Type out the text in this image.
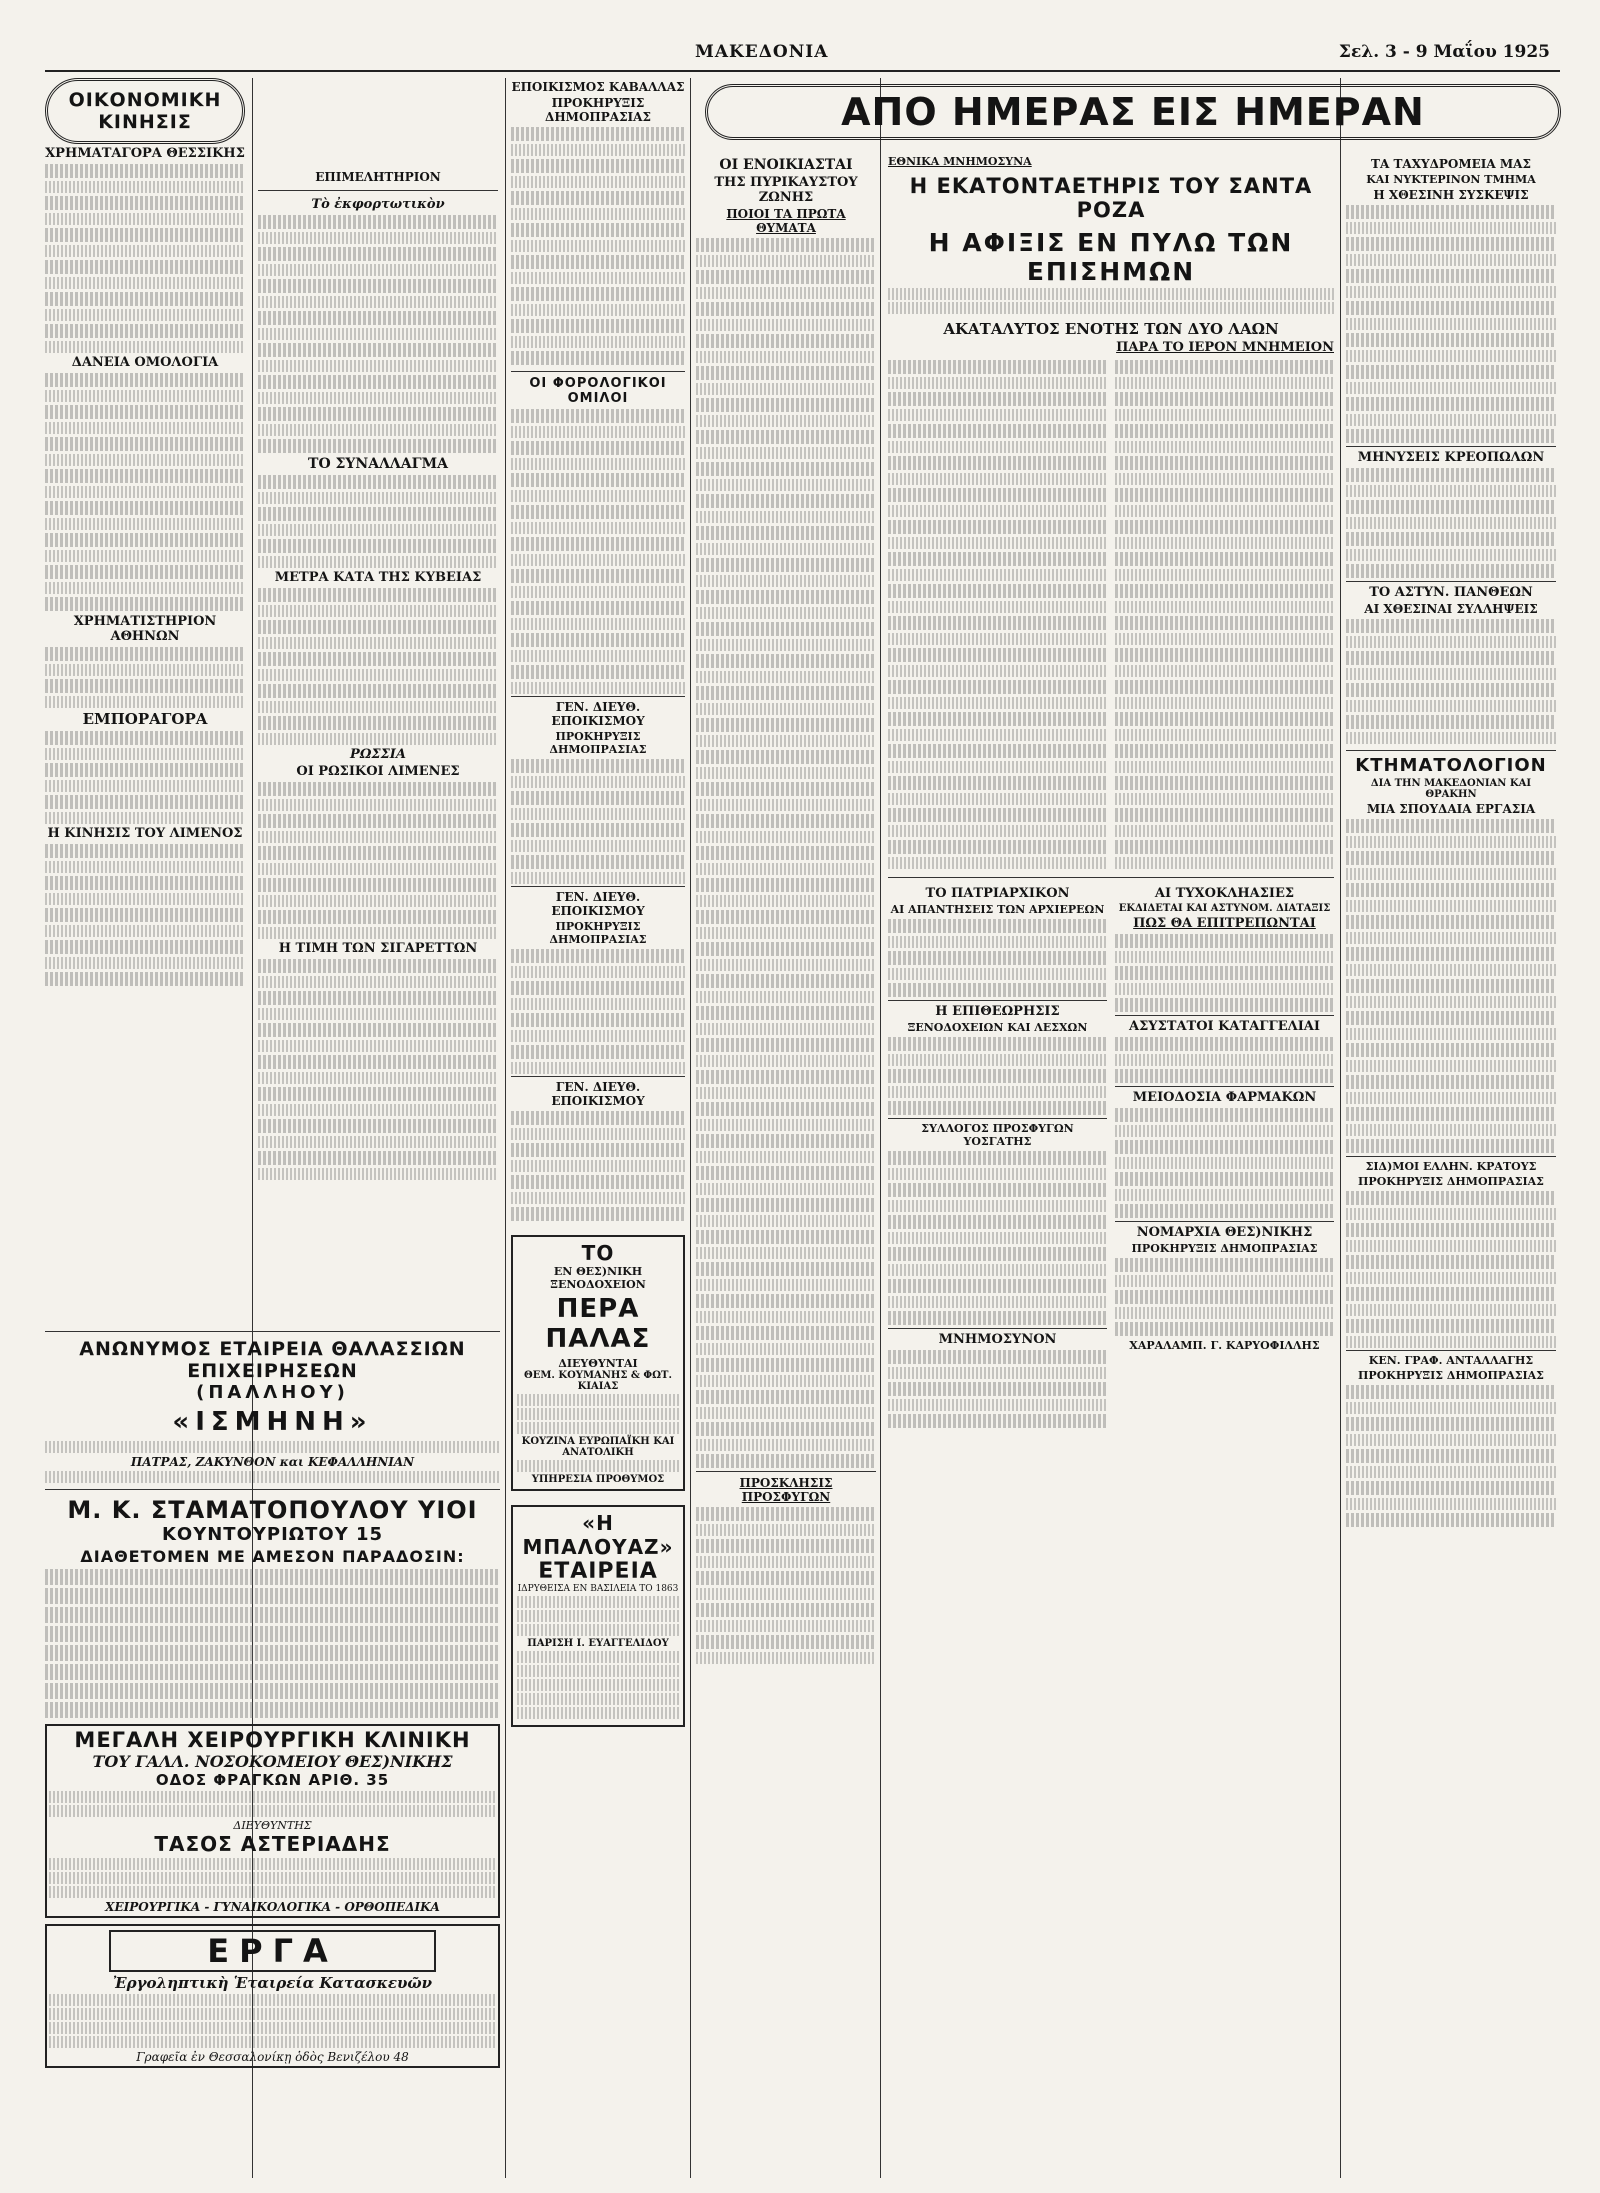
ΜΑΚΕΔΟΝΙΑ	Σελ. 3 - 9 Μαΐου 1925
ΟΙΚΟΝΟΜΙΚΗ ΚΙΝΗΣΙΣ
ΧΡΗΜΑΤΑΓΟΡΑ ΘΕΣΣΙΚΗΣ
ΔΑΝΕΙΑ ΟΜΟΛΟΓΙΑ
ΧΡΗΜΑΤΙΣΤΗΡΙΟΝ ΑΘΗΝΩΝ
ΕΜΠΟΡΑΓΟΡΑ
Η ΚΙΝΗΣΙΣ ΤΟΥ ΛΙΜΕΝΟΣ
ΑΝΩΝΥΜΟΣ ΕΤΑΙΡΕΙΑ ΘΑΛΑΣΣΙΩΝ ΕΠΙΧΕΙΡΗΣΕΩΝ
(ΠΑΛΛΗΟΥ)
«ΙΣΜΗΝΗ»
ΠΑΤΡΑΣ, ΖΑΚΥΝΘΟΝ και ΚΕΦΑΛΛΗΝΙΑΝ
Μ. Κ. ΣΤΑΜΑΤΟΠΟΥΛΟΥ ΥΙΟΙ
ΚΟΥΝΤΟΥΡΙΩΤΟΥ 15
ΔΙΑΘΕΤΟΜΕΝ ΜΕ ΑΜΕΣΟΝ ΠΑΡΑΔΟΣΙΝ:
ΜΕΓΑΛΗ ΧΕΙΡΟΥΡΓΙΚΗ ΚΛΙΝΙΚΗ
ΤΟΥ ΓΑΛΛ. ΝΟΣΟΚΟΜΕΙΟΥ ΘΕΣ)ΝΙΚΗΣ
ΟΔΟΣ ΦΡΑΓΚΩΝ ΑΡΙΘ. 35
ΔΙΕΥΘΥΝΤΗΣ
ΤΑΣΟΣ ΑΣΤΕΡΙΑΔΗΣ
ΧΕΙΡΟΥΡΓΙΚΑ - ΓΥΝΑΙΚΟΛΟΓΙΚΑ - ΟΡΘΟΠΕΔΙΚΑ
ΕΡΓΑ
Ἐργοληπτικὴ Ἑταιρεία Κατασκευῶν
Γραφεῖα ἐν Θεσσαλονίκῃ ὁδὸς Βενιζέλου 48
ΕΠΙΜΕΛΗΤΗΡΙΟΝ
Τὸ ἐκφορτωτικὸν
ΤΟ ΣΥΝΑΛΛΑΓΜΑ
ΜΕΤΡΑ ΚΑΤΑ ΤΗΣ ΚΥΒΕΙΑΣ
ΡΩΣΣΙΑ
ΟΙ ΡΩΣΙΚΟΙ ΛΙΜΕΝΕΣ
Η ΤΙΜΗ ΤΩΝ ΣΙΓΑΡΕΤΤΩΝ
ΕΠΟΙΚΙΣΜΟΣ ΚΑΒΑΛΛΑΣ
ΠΡΟΚΗΡΥΞΙΣ ΔΗΜΟΠΡΑΣΙΑΣ
ΟΙ ΦΟΡΟΛΟΓΙΚΟΙ ΟΜΙΛΟΙ
ΓΕΝ. ΔΙΕΥΘ. ΕΠΟΙΚΙΣΜΟΥ
ΠΡΟΚΗΡΥΞΙΣ ΔΗΜΟΠΡΑΣΙΑΣ
ΓΕΝ. ΔΙΕΥΘ. ΕΠΟΙΚΙΣΜΟΥ
ΠΡΟΚΗΡΥΞΙΣ ΔΗΜΟΠΡΑΣΙΑΣ
ΓΕΝ. ΔΙΕΥΘ. ΕΠΟΙΚΙΣΜΟΥ
ΤΟ
ΕΝ ΘΕΣ)ΝΙΚΗ ΞΕΝΟΔΟΧΕΙΟΝ
ΠΕΡΑ ΠΑΛΑΣ
ΔΙΕΥΘΥΝΤΑΙ
ΘΕΜ. ΚΟΥΜΑΝΗΣ & ΦΩΤ. ΚΙΑΙΑΣ
ΚΟΥΖΙΝΑ ΕΥΡΩΠΑΪΚΗ ΚΑΙ ΑΝΑΤΟΛΙΚΗ
ΥΠΗΡΕΣΙΑ ΠΡΟΘΥΜΟΣ
«Η ΜΠΑΛΟΥΑΖ»
ΕΤΑΙΡΕΙΑ
ΙΔΡΥΘΕΙΣΑ ΕΝ ΒΑΣΙΛΕΙΑ ΤΟ 1863
ΠΑΡΙΣΗ Ι. ΕΥΑΓΓΕΛΙΔΟΥ
ΑΠΟ ΗΜΕΡΑΣ ΕΙΣ ΗΜΕΡΑΝ
ΟΙ ΕΝΟΙΚΙΑΣΤΑΙ
ΤΗΣ ΠΥΡΙΚΑΥΣΤΟΥ ΖΩΝΗΣ
ΠΟΙΟΙ ΤΑ ΠΡΩΤΑ ΘΥΜΑΤΑ
ΠΡΟΣΚΛΗΣΙΣ ΠΡΟΣΦΥΓΩΝ
ΕΘΝΙΚΑ ΜΝΗΜΟΣΥΝΑ
Η ΕΚΑΤΟΝΤΑΕΤΗΡΙΣ ΤΟΥ ΣΑΝΤΑ ΡΟΖΑ
Η ΑΦΙΞΙΣ ΕΝ ΠΥΛΩ ΤΩΝ ΕΠΙΣΗΜΩΝ
ΑΚΑΤΑΛΥΤΟΣ ΕΝΟΤΗΣ ΤΩΝ ΔΥΟ ΛΑΩΝ
ΠΑΡΑ ΤΟ ΙΕΡΟΝ ΜΝΗΜΕΙΟΝ
ΤΟ ΠΑΤΡΙΑΡΧΙΚΟΝ
ΑΙ ΑΠΑΝΤΗΣΕΙΣ ΤΩΝ ΑΡΧΙΕΡΕΩΝ
Η ΕΠΙΘΕΩΡΗΣΙΣ
ΞΕΝΟΔΟΧΕΙΩΝ ΚΑΙ ΛΕΣΧΩΝ
ΣΥΛΛΟΓΟΣ ΠΡΟΣΦΥΓΩΝ ΥΟΣΓΑΤΗΣ
ΜΝΗΜΟΣΥΝΟΝ
ΑΙ ΤΥΧΟΚΛΗΑΣΙΕΣ
ΕΚΔΙΔΕΤΑΙ ΚΑΙ ΑΣΤΥΝΟΜ. ΔΙΑΤΑΞΙΣ
ΠΩΣ ΘΑ ΕΠΙΤΡΕΠΩΝΤΑΙ
ΑΣΥΣΤΑΤΟΙ ΚΑΤΑΓΓΕΛΙΑΙ
ΜΕΙΟΔΟΣΙΑ ΦΑΡΜΑΚΩΝ
ΝΟΜΑΡΧΙΑ ΘΕΣ)ΝΙΚΗΣ
ΠΡΟΚΗΡΥΞΙΣ ΔΗΜΟΠΡΑΣΙΑΣ
ΧΑΡΑΛΑΜΠ. Γ. ΚΑΡΥΟΦΙΛΛΗΣ
ΤΑ ΤΑΧΥΔΡΟΜΕΙΑ ΜΑΣ
ΚΑΙ ΝΥΚΤΕΡΙΝΟΝ ΤΜΗΜΑ
Η ΧΘΕΣΙΝΗ ΣΥΣΚΕΨΙΣ
ΜΗΝΥΣΕΙΣ ΚΡΕΟΠΩΛΩΝ
ΤΟ ΑΣΤΥΝ. ΠΑΝΘΕΩΝ
ΑΙ ΧΘΕΣΙΝΑΙ ΣΥΛΛΗΨΕΙΣ
ΚΤΗΜΑΤΟΛΟΓΙΟΝ
ΔΙΑ ΤΗΝ ΜΑΚΕΔΟΝΙΑΝ ΚΑΙ ΘΡΑΚΗΝ
ΜΙΑ ΣΠΟΥΔΑΙΑ ΕΡΓΑΣΙΑ
ΣΙΔ)ΜΟΙ ΕΛΛΗΝ. ΚΡΑΤΟΥΣ
ΠΡΟΚΗΡΥΞΙΣ ΔΗΜΟΠΡΑΣΙΑΣ
ΚΕΝ. ΓΡΑΦ. ΑΝΤΑΛΛΑΓΗΣ
ΠΡΟΚΗΡΥΞΙΣ ΔΗΜΟΠΡΑΣΙΑΣ
